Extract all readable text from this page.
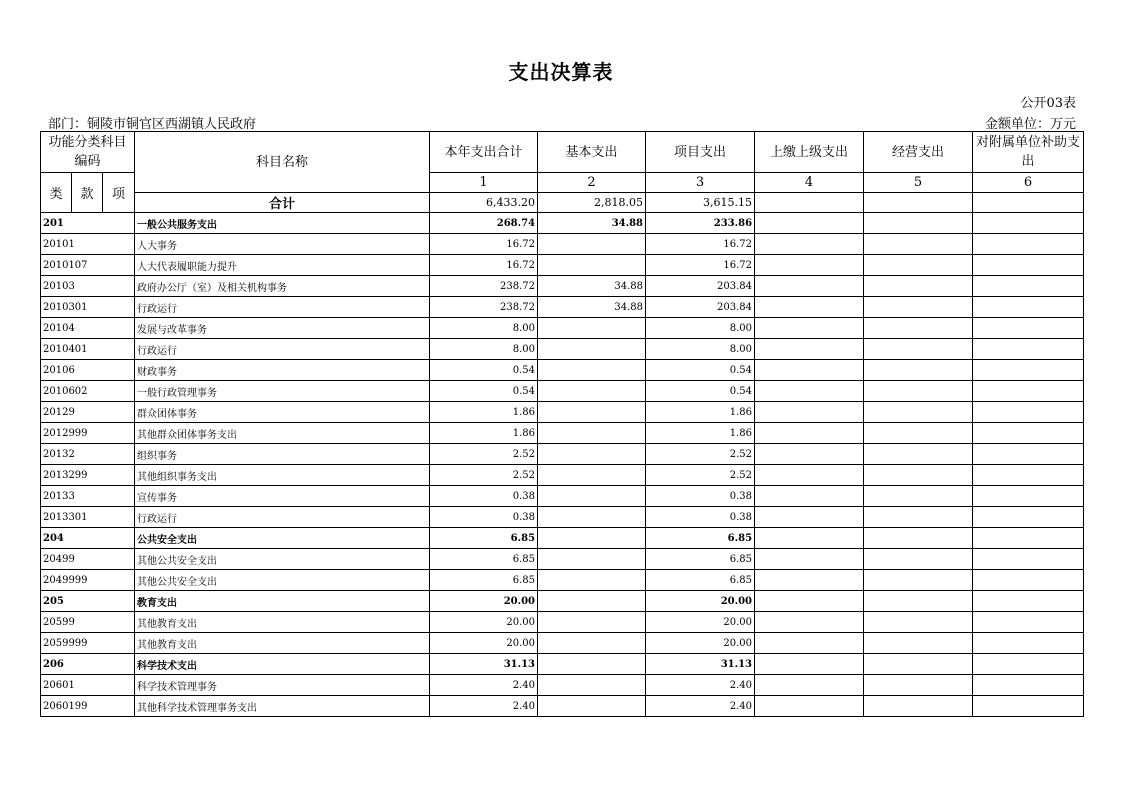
支出决算表
公开03表
部门：铜陵市铜官区西湖镇人民政府	金额单位：万元
功能分类科目编码			科目名称	本年支出合计	基本支出	项目支出	上缴上级支出	经营支出	对附属单位补助支出
类	款	项		1	2	3	4	5	6
			合计	6,433.20	2,818.05	3,615.15			
201			一般公共服务支出	268.74	34.88	233.86			
20101			人大事务	16.72		16.72			
2010107			人大代表履职能力提升	16.72		16.72			
20103			政府办公厅（室）及相关机构事务	238.72	34.88	203.84			
2010301			行政运行	238.72	34.88	203.84			
20104			发展与改革事务	8.00		8.00			
2010401			行政运行	8.00		8.00			
20106			财政事务	0.54		0.54			
2010602			一般行政管理事务	0.54		0.54			
20129			群众团体事务	1.86		1.86			
2012999			其他群众团体事务支出	1.86		1.86			
20132			组织事务	2.52		2.52			
2013299			其他组织事务支出	2.52		2.52			
20133			宣传事务	0.38		0.38			
2013301			行政运行	0.38		0.38			
204			公共安全支出	6.85		6.85			
20499			其他公共安全支出	6.85		6.85			
2049999			其他公共安全支出	6.85		6.85			
205			教育支出	20.00		20.00			
20599			其他教育支出	20.00		20.00			
2059999			其他教育支出	20.00		20.00			
206			科学技术支出	31.13		31.13			
20601			科学技术管理事务	2.40		2.40			
2060199			其他科学技术管理事务支出	2.40		2.40			
